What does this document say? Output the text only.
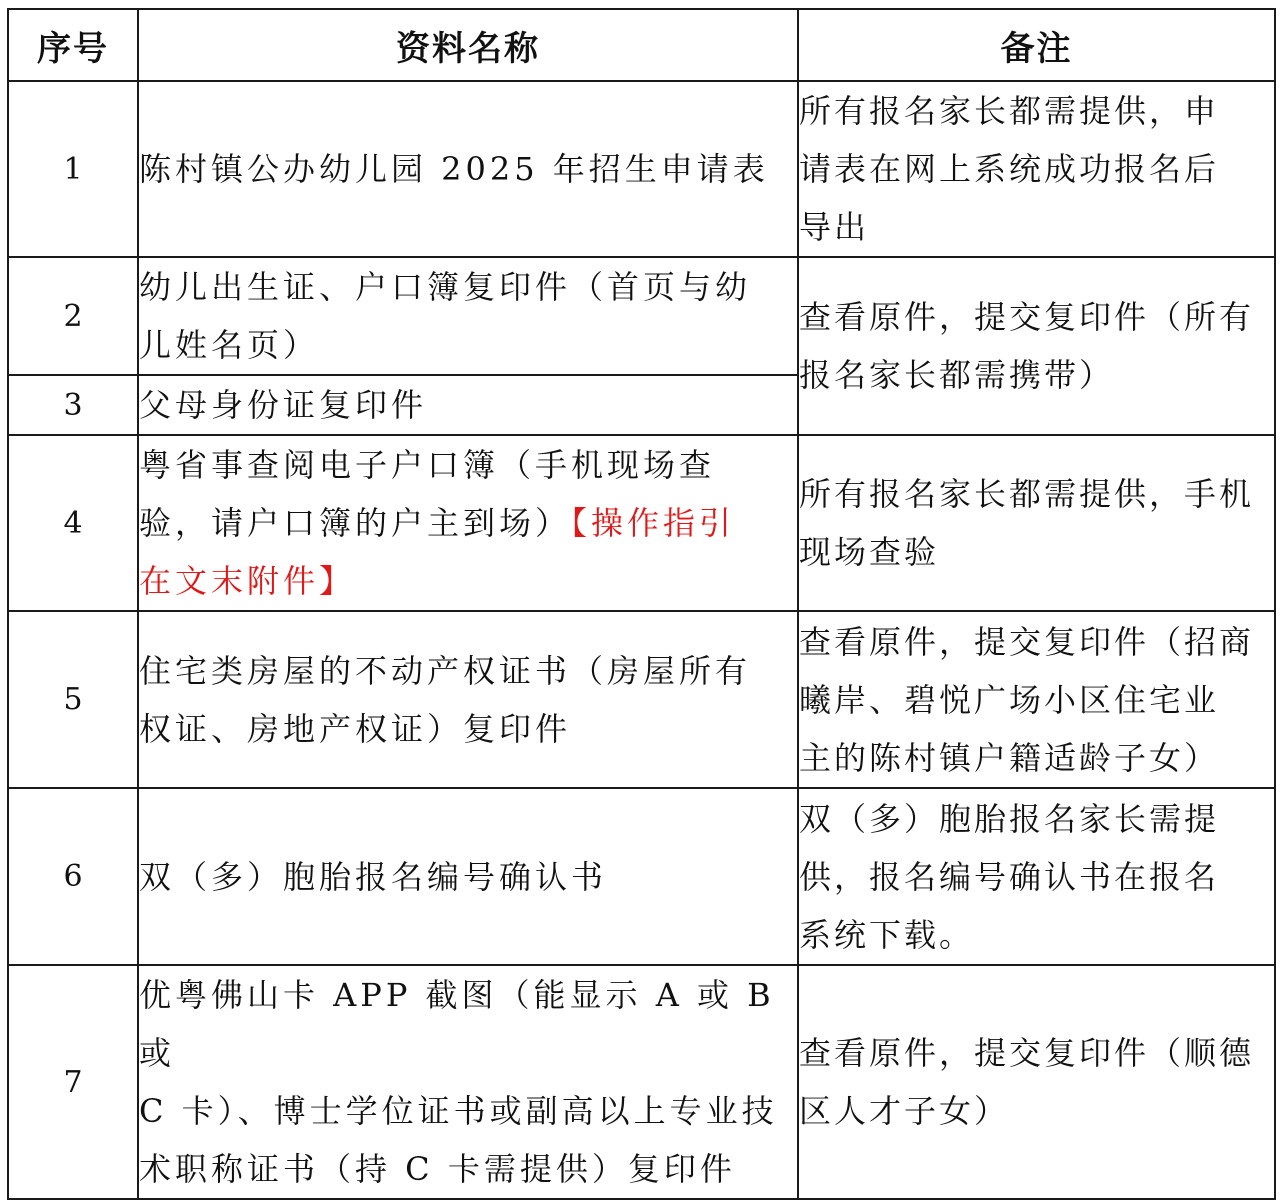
序号	资料名称	备注
1	陈村镇公办幼儿园 2025 年招生申请表	所有报名家长都需提供，申
请表在网上系统成功报名后
导出

2	幼儿出生证、户口簿复印件（首页与幼
儿姓名页）	查看原件，提交复印件（所有
报名家长都需携带）

3	父母身份证复印件	

4	粤省事查阅电子户口簿（手机现场查
验，请户口簿的户主到场）【操作指引
在文末附件】	所有报名家长都需提供，手机
现场查验

5	住宅类房屋的不动产权证书（房屋所有
权证、房地产权证）复印件	查看原件，提交复印件（招商
曦岸、碧悦广场小区住宅业
主的陈村镇户籍适龄子女）

6	双（多）胞胎报名编号确认书	双（多）胞胎报名家长需提
供，报名编号确认书在报名
系统下载。

7	优粤佛山卡 APP 截图（能显示 A 或 B 或
C 卡）、博士学位证书或副高以上专业技
术职称证书（持 C 卡需提供）复印件	查看原件，提交复印件（顺德
区人才子女）
